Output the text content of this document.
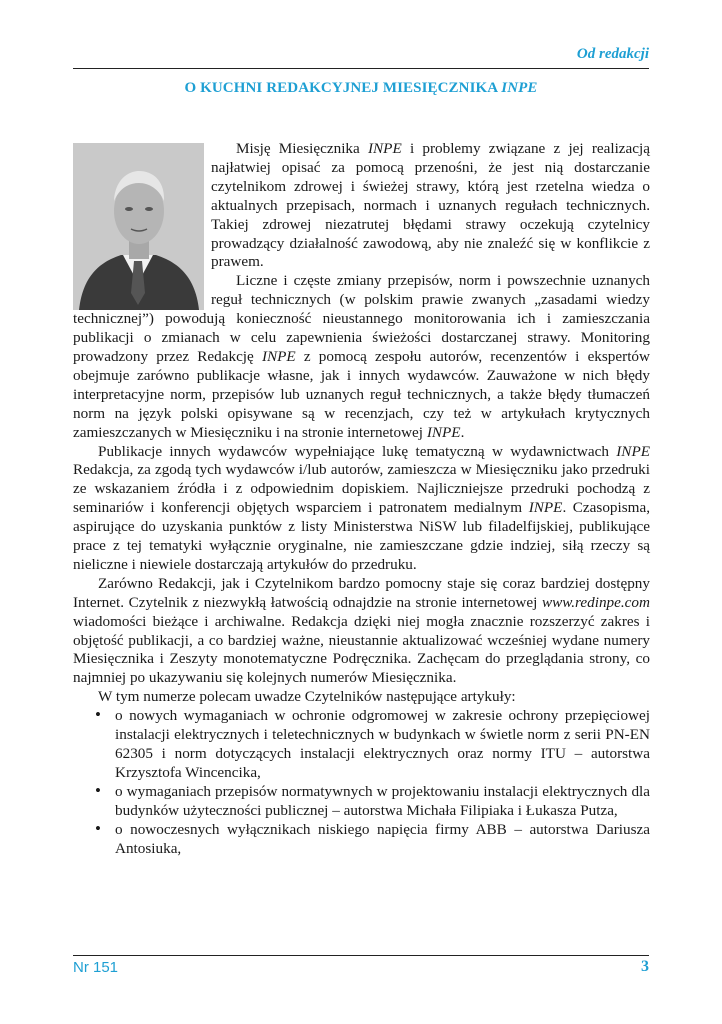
Od redakcji
O KUCHNI REDAKCYJNEJ MIESIĘCZNIKA INPE

Misję Miesięcznika INPE i problemy związane z jej realizacją najłatwiej opisać za pomocą przenośni, że jest nią dostarczanie czytelnikom zdrowej i świeżej strawy, którą jest rzetelna wiedza o aktualnych przepisach, normach i uznanych regułach technicznych. Takiej zdrowej niezatrutej błędami strawy oczekują czytelnicy prowadzący działalność zawodową, aby nie znaleźć się w konflikcie z prawem.

Liczne i częste zmiany przepisów, norm i powszechnie uznanych reguł technicznych (w polskim prawie zwanych „zasadami wiedzy technicznej”) powodują konieczność nieustannego monitorowania ich i zamieszczania publikacji o zmianach w celu zapewnienia świeżości dostarczanej strawy. Monitoring prowadzony przez Redakcję INPE z pomocą zespołu autorów, recenzentów i ekspertów obejmuje zarówno publikacje własne, jak i innych wydawców. Zauważone w nich błędy interpretacyjne norm, przepisów lub uznanych reguł technicznych, a także błędy tłumaczeń norm na język polski opisywane są w recenzjach, czy też w artykułach krytycznych zamieszczanych w Miesięczniku i na stronie internetowej INPE.

Publikacje innych wydawców wypełniające lukę tematyczną w wydawnictwach INPE Redakcja, za zgodą tych wydawców i/lub autorów, zamieszcza w Miesięczniku jako przedruki ze wskazaniem źródła i z odpowiednim dopiskiem. Najliczniejsze przedruki pochodzą z seminariów i konferencji objętych wsparciem i patronatem medialnym INPE. Czasopisma, aspirujące do uzyskania punktów z listy Ministerstwa NiSW lub filadelfijskiej, publikujące prace z tej tematyki wyłącznie oryginalne, nie zamieszczane gdzie indziej, siłą rzeczy są nieliczne i niewiele dostarczają artykułów do przedruku.

Zarówno Redakcji, jak i Czytelnikom bardzo pomocny staje się coraz bardziej dostępny Internet. Czytelnik z niezwykłą łatwością odnajdzie na stronie internetowej www.redinpe.com wiadomości bieżące i archiwalne. Redakcja dzięki niej mogła znacznie rozszerzyć zakres i objętość publikacji, a co bardziej ważne, nieustannie aktualizować wcześniej wydane numery Miesięcznika i Zeszyty monotematyczne Podręcznika. Zachęcam do przeglądania strony, co najmniej po ukazywaniu się kolejnych numerów Miesięcznika.

W tym numerze polecam uwadze Czytelników następujące artykuły:

• o nowych wymaganiach w ochronie odgromowej w zakresie ochrony przepięciowej instalacji elektrycznych i teletechnicznych w budynkach w świetle norm z serii PN-EN 62305 i norm dotyczących instalacji elektrycznych oraz normy ITU – autorstwa Krzysztofa Wincencika,
• o wymaganiach przepisów normatywnych w projektowaniu instalacji elektrycznych dla budynków użyteczności publicznej – autorstwa Michała Filipiaka i Łukasza Putza,
• o nowoczesnych wyłącznikach niskiego napięcia firmy ABB – autorstwa Dariusza Antosiuka,
Nr 151	3
